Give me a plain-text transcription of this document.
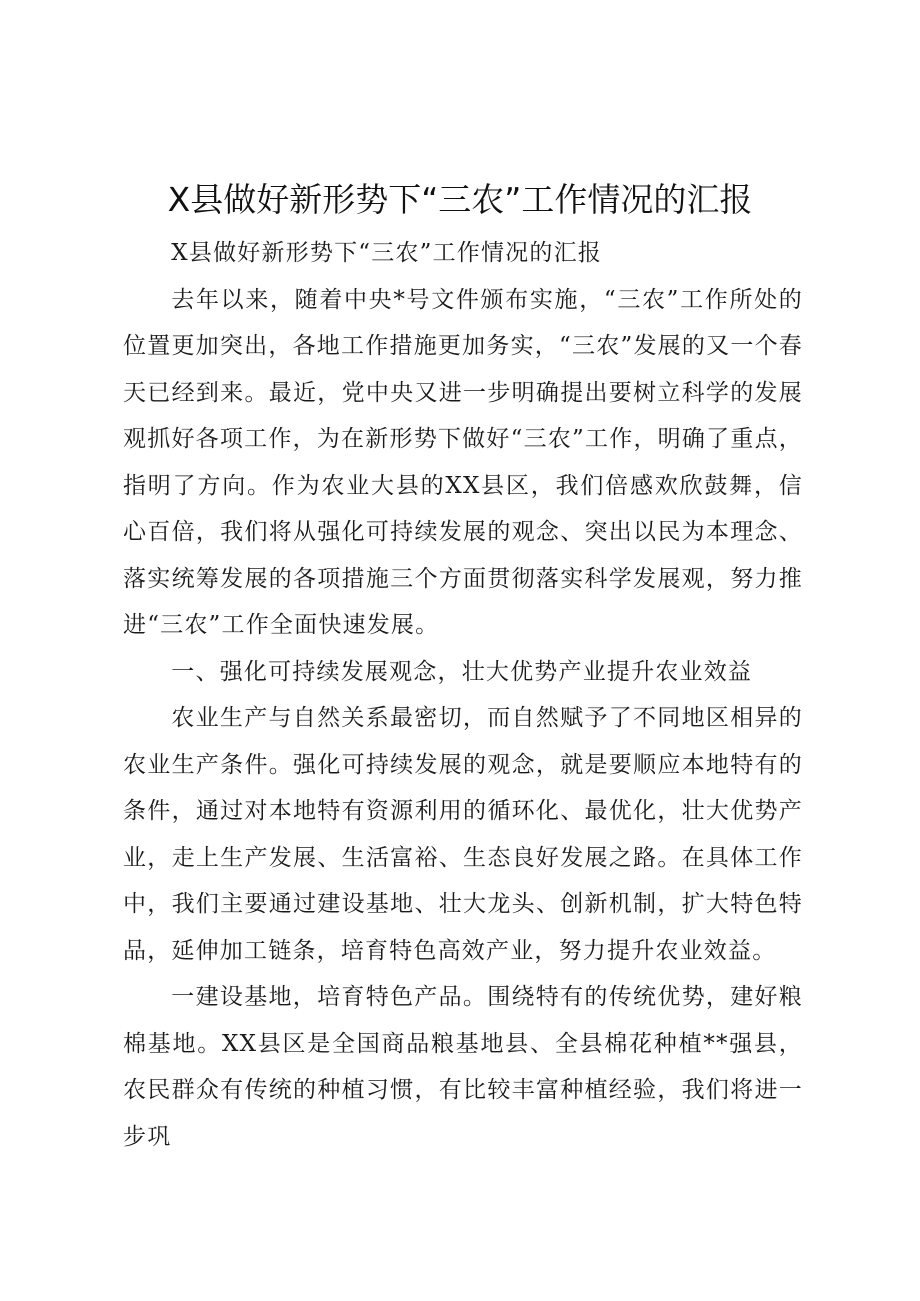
X县做好新形势下“三农”工作情况的汇报

X县做好新形势下“三农”工作情况的汇报

去年以来，随着中央*号文件颁布实施，“三农”工作所处的位置更加突出，各地工作措施更加务实，“三农”发展的又一个春天已经到来。最近，党中央又进一步明确提出要树立科学的发展观抓好各项工作，为在新形势下做好“三农”工作，明确了重点，指明了方向。作为农业大县的XX县区，我们倍感欢欣鼓舞，信心百倍，我们将从强化可持续发展的观念、突出以民为本理念、落实统筹发展的各项措施三个方面贯彻落实科学发展观，努力推进“三农”工作全面快速发展。

一、强化可持续发展观念，壮大优势产业提升农业效益

农业生产与自然关系最密切，而自然赋予了不同地区相异的农业生产条件。强化可持续发展的观念，就是要顺应本地特有的条件，通过对本地特有资源利用的循环化、最优化，壮大优势产业，走上生产发展、生活富裕、生态良好发展之路。在具体工作中，我们主要通过建设基地、壮大龙头、创新机制，扩大特色特品，延伸加工链条，培育特色高效产业，努力提升农业效益。

一建设基地，培育特色产品。围绕特有的传统优势，建好粮棉基地。XX县区是全国商品粮基地县、全县棉花种植**强县，农民群众有传统的种植习惯，有比较丰富种植经验，我们将进一步巩
